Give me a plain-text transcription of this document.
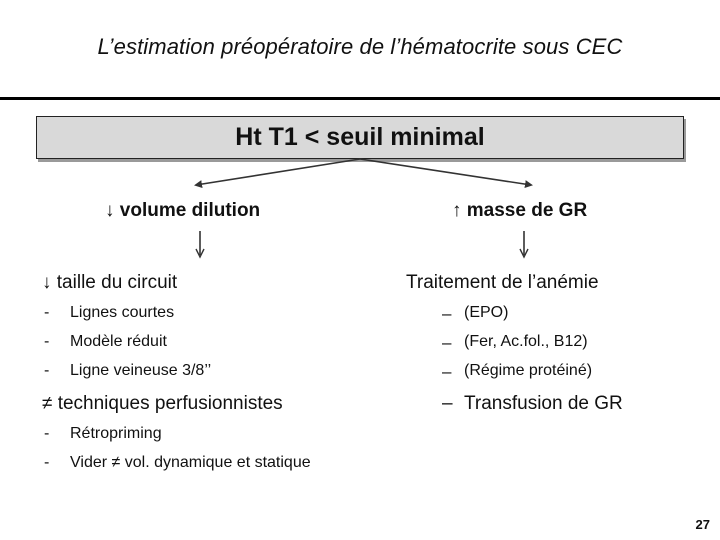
L’estimation préopératoire de l’hématocrite sous CEC
Ht T1 < seuil minimal
↓ volume dilution	↑ masse de GR
↓ taille du circuit
- Lignes courtes
- Modèle réduit
- Ligne veineuse 3/8’’
≠ techniques perfusionnistes
- Rétropriming
- Vider ≠ vol. dynamique et statique
Traitement de l’anémie
– (EPO)
– (Fer, Ac.fol., B12)
– (Régime protéiné)
– Transfusion de GR
27
